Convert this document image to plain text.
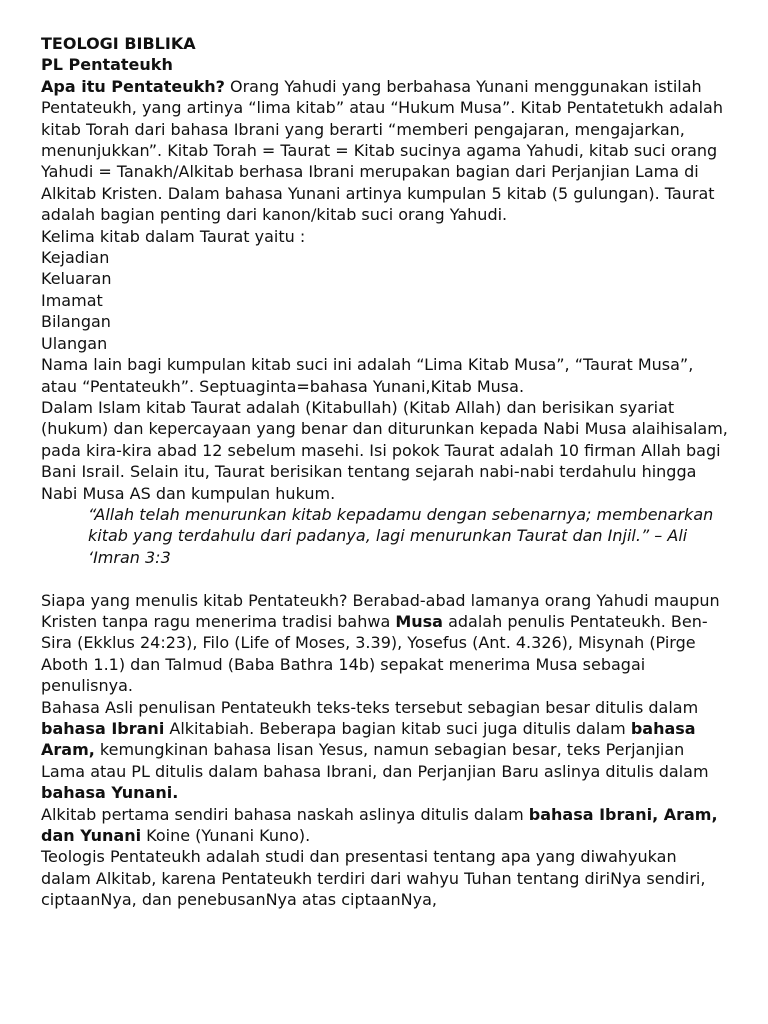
TEOLOGI BIBLIKA

PL Pentateukh

Apa itu Pentateukh? Orang Yahudi yang berbahasa Yunani menggunakan istilah Pentateukh, yang artinya “lima kitab” atau “Hukum Musa”. Kitab Pentatetukh adalah kitab Torah dari bahasa Ibrani yang berarti “memberi pengajaran, mengajarkan, menunjukkan”. Kitab Torah = Taurat = Kitab sucinya agama Yahudi, kitab suci orang Yahudi = Tanakh/Alkitab berhasa Ibrani merupakan bagian dari Perjanjian Lama di Alkitab Kristen. Dalam bahasa Yunani artinya kumpulan 5 kitab (5 gulungan). Taurat adalah bagian penting dari kanon/kitab suci orang Yahudi.

Kelima kitab dalam Taurat yaitu :

Kejadian

Keluaran

Imamat

Bilangan

Ulangan

Nama lain bagi kumpulan kitab suci ini adalah “Lima Kitab Musa”, “Taurat Musa”, atau “Pentateukh”. Septuaginta=bahasa Yunani,Kitab Musa.

Dalam Islam kitab Taurat adalah (Kitabullah) (Kitab Allah) dan berisikan syariat (hukum) dan kepercayaan yang benar dan diturunkan kepada Nabi Musa alaihisalam, pada kira-kira abad 12 sebelum masehi. Isi pokok Taurat adalah 10 firman Allah bagi Bani Israil. Selain itu, Taurat berisikan tentang sejarah nabi-nabi terdahulu hingga Nabi Musa AS dan kumpulan hukum.

“Allah telah menurunkan kitab kepadamu dengan sebenarnya; membenarkan kitab yang terdahulu dari padanya, lagi menurunkan Taurat dan Injil.” – Ali ‘Imran 3:3

Siapa yang menulis kitab Pentateukh? Berabad-abad lamanya orang Yahudi maupun Kristen tanpa ragu menerima tradisi bahwa Musa adalah penulis Pentateukh. Ben-Sira (Ekklus 24:23), Filo (Life of Moses, 3.39), Yosefus (Ant. 4.326), Misynah (Pirge Aboth 1.1) dan Talmud (Baba Bathra 14b) sepakat menerima Musa sebagai penulisnya.

Bahasa Asli penulisan Pentateukh teks-teks tersebut sebagian besar ditulis dalam bahasa Ibrani Alkitabiah. Beberapa bagian kitab suci juga ditulis dalam bahasa Aram, kemungkinan bahasa lisan Yesus, namun sebagian besar, teks Perjanjian Lama atau PL ditulis dalam bahasa Ibrani, dan Perjanjian Baru aslinya ditulis dalam bahasa Yunani.

Alkitab pertama sendiri bahasa naskah aslinya ditulis dalam bahasa Ibrani, Aram, dan Yunani Koine (Yunani Kuno).

Teologis Pentateukh adalah studi dan presentasi tentang apa yang diwahyukan dalam Alkitab, karena Pentateukh terdiri dari wahyu Tuhan tentang diriNya sendiri, ciptaanNya, dan penebusanNya atas ciptaanNya,
